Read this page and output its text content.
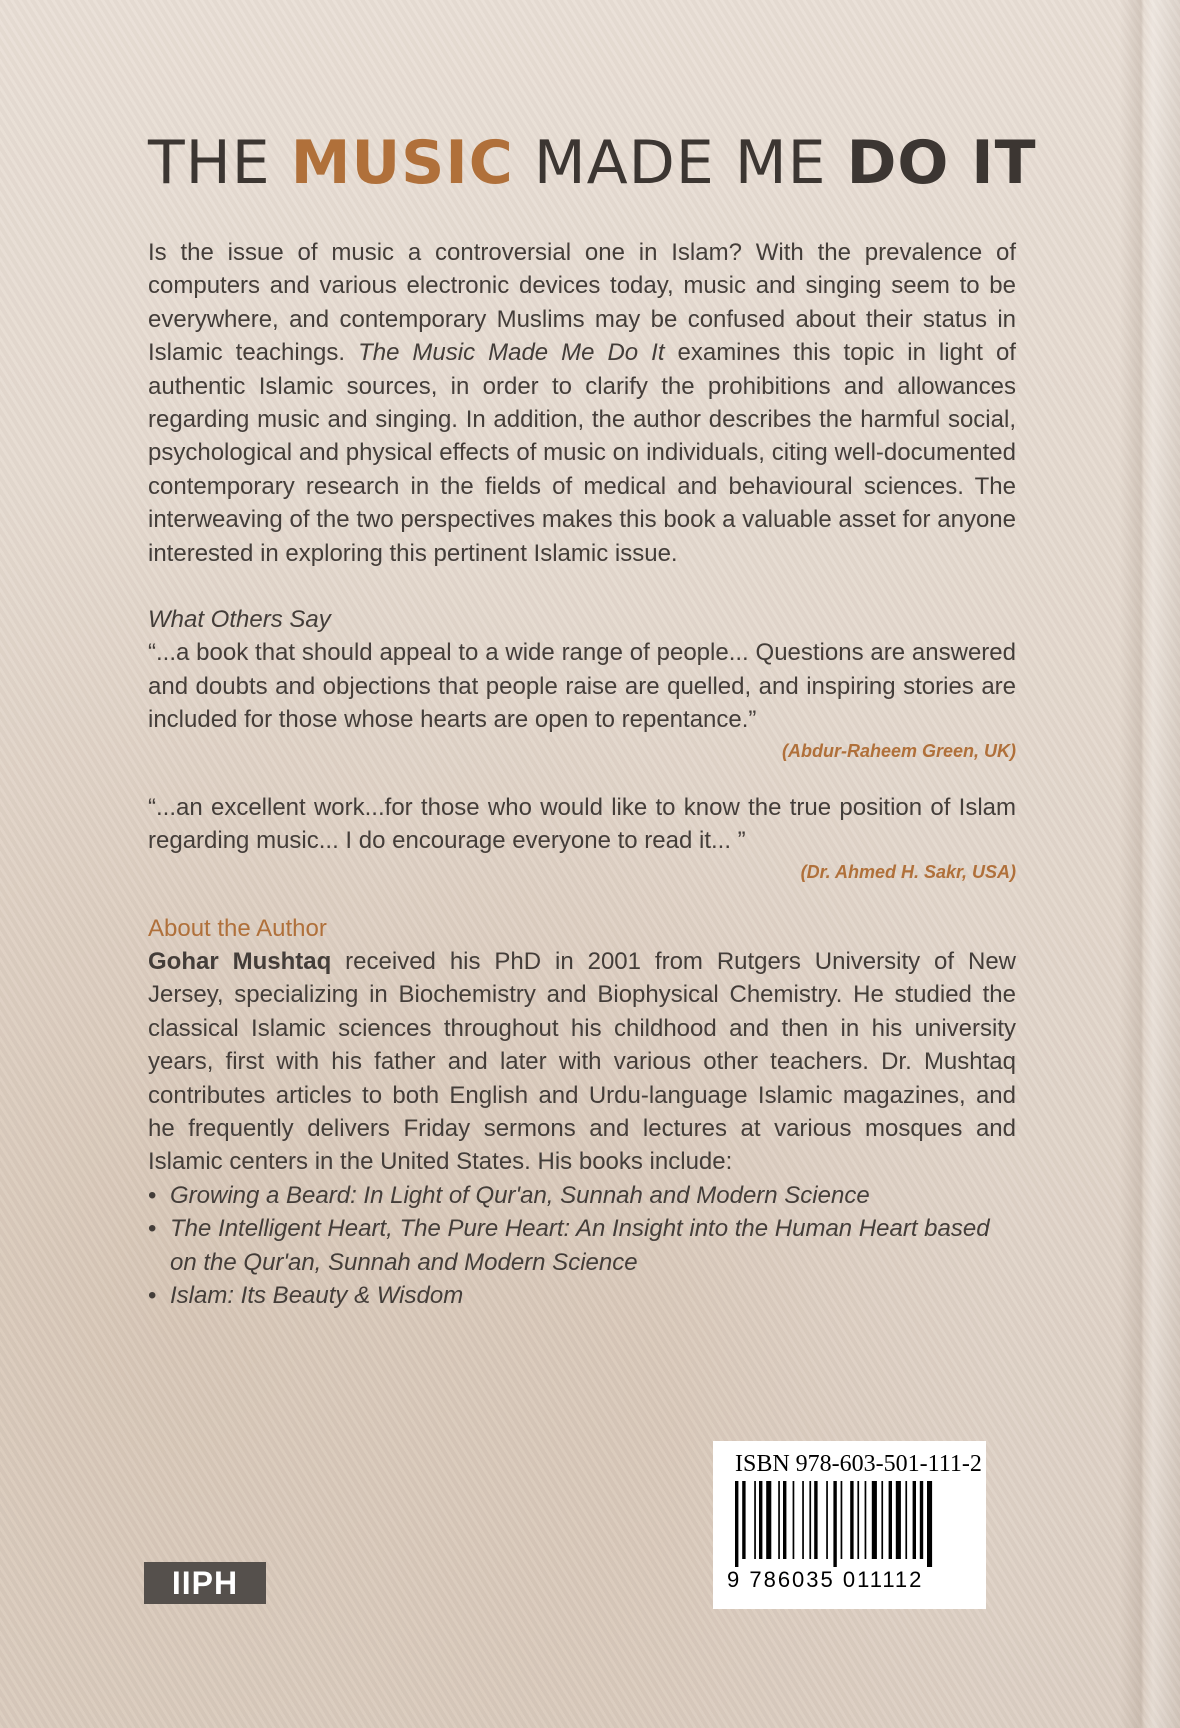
THE MUSIC MADE ME DO IT

Is the issue of music a controversial one in Islam? With the prevalence of computers and various electronic devices today, music and singing seem to be everywhere, and contemporary Muslims may be confused about their status in Islamic teachings. The Music Made Me Do It examines this topic in light of authentic Islamic sources, in order to clarify the prohibitions and allowances regarding music and singing. In addition, the author describes the harmful social, psychological and physical effects of music on individuals, citing well-documented contemporary research in the fields of medical and behavioural sciences. The interweaving of the two perspectives makes this book a valuable asset for anyone interested in exploring this pertinent Islamic issue.

What Others Say

“...a book that should appeal to a wide range of people... Questions are answered and doubts and objections that people raise are quelled, and inspiring stories are included for those whose hearts are open to repentance.”

(Abdur-Raheem Green, UK)

“...an excellent work...for those who would like to know the true position of Islam regarding music... I do encourage everyone to read it... ”

(Dr. Ahmed H. Sakr, USA)

About the Author

Gohar Mushtaq received his PhD in 2001 from Rutgers University of New Jersey, specializing in Biochemistry and Biophysical Chemistry. He studied the classical Islamic sciences throughout his childhood and then in his university years, first with his father and later with various other teachers. Dr. Mushtaq contributes articles to both English and Urdu-language Islamic magazines, and he frequently delivers Friday sermons and lectures at various mosques and Islamic centers in the United States. His books include:

• Growing a Beard: In Light of Qur'an, Sunnah and Modern Science
• The Intelligent Heart, The Pure Heart: An Insight into the Human Heart based on the Qur'an, Sunnah and Modern Science
• Islam: Its Beauty & Wisdom
ISBN 978-603-501-111-2
9 786035 011112
IIPH
